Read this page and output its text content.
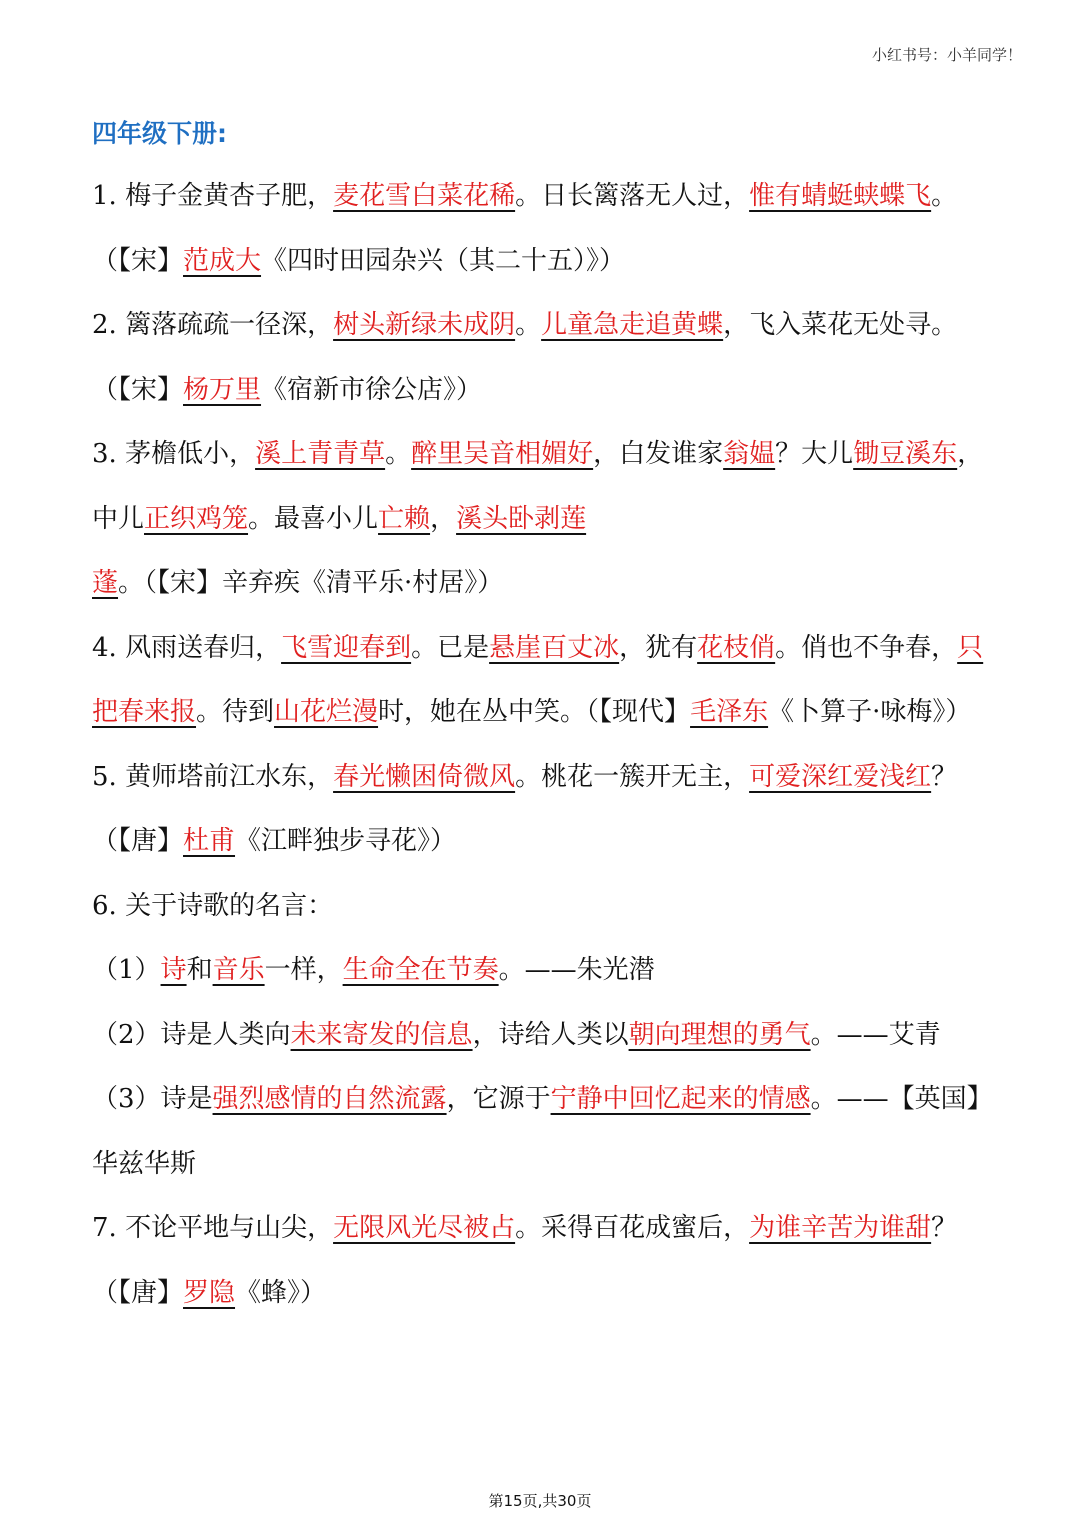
小红书号：小羊同学！
四年级下册:
1. 梅子金黄杏子肥，麦花雪白菜花稀。日长篱落无人过，惟有蜻蜓蛱蝶飞。（【宋】范成大《四时田园杂兴（其二十五）》）
2. 篱落疏疏一径深，树头新绿未成阴。儿童急走追黄蝶，飞入菜花无处寻。（【宋】杨万里《宿新市徐公店》）
3. 茅檐低小，溪上青青草。醉里吴音相媚好，白发谁家翁媪？大儿锄豆溪东，中儿正织鸡笼。最喜小儿亡赖，溪头卧剥莲蓬。（【宋】辛弃疾《清平乐·村居》）
4. 风雨送春归，飞雪迎春到。已是悬崖百丈冰，犹有花枝俏。俏也不争春，只把春来报。待到山花烂漫时，她在丛中笑。（【现代】毛泽东《卜算子·咏梅》）
5. 黄师塔前江水东，春光懒困倚微风。桃花一簇开无主，可爱深红爱浅红？（【唐】杜甫《江畔独步寻花》）
6. 关于诗歌的名言：
（1）诗和音乐一样，生命全在节奏。——朱光潜
（2）诗是人类向未来寄发的信息，诗给人类以朝向理想的勇气。——艾青
（3）诗是强烈感情的自然流露，它源于宁静中回忆起来的情感。——【英国】华兹华斯
7. 不论平地与山尖，无限风光尽被占。采得百花成蜜后，为谁辛苦为谁甜？（【唐】罗隐《蜂》）
第15页,共30页
